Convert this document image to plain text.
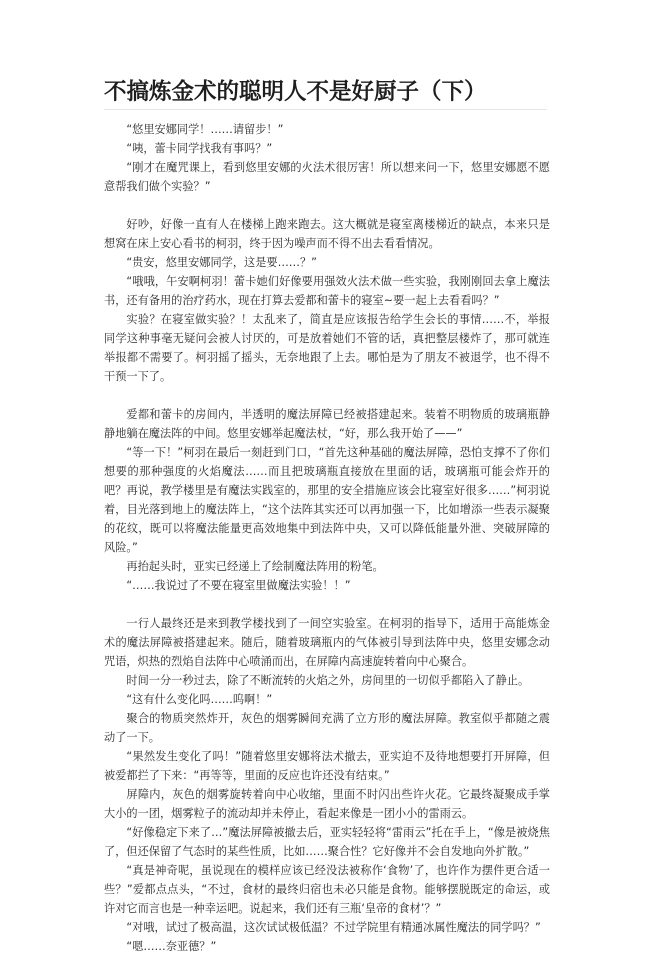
不搞炼金术的聪明人不是好厨子（下）

“悠里安娜同学！……请留步！”

“咦，蕾卡同学找我有事吗？”

“刚才在魔咒课上，看到悠里安娜的火法术很厉害！所以想来问一下，悠里安娜愿不愿意帮我们做个实验？”

好吵，好像一直有人在楼梯上跑来跑去。这大概就是寝室离楼梯近的缺点，本来只是想窝在床上安心看书的柯羽，终于因为噪声而不得不出去看看情况。

“贵安，悠里安娜同学，这是要……？”

“哦哦，午安啊柯羽！蕾卡她们好像要用强效火法术做一些实验，我刚刚回去拿上魔法书，还有备用的治疗药水，现在打算去爱都和蕾卡的寝室~要一起上去看看吗？”

实验？在寝室做实验？！太乱来了，简直是应该报告给学生会长的事情……不，举报同学这种事毫无疑问会被人讨厌的，可是放着她们不管的话，真把整层楼炸了，那可就连举报都不需要了。柯羽摇了摇头，无奈地跟了上去。哪怕是为了朋友不被退学，也不得不干预一下了。

爱都和蕾卡的房间内，半透明的魔法屏障已经被搭建起来。装着不明物质的玻璃瓶静静地躺在魔法阵的中间。悠里安娜举起魔法杖，“好，那么我开始了——”

“等一下！”柯羽在最后一刻赶到门口，“首先这种基础的魔法屏障，恐怕支撑不了你们想要的那种强度的火焰魔法……而且把玻璃瓶直接放在里面的话，玻璃瓶可能会炸开的吧？再说，教学楼里是有魔法实践室的，那里的安全措施应该会比寝室好很多……”柯羽说着，目光落到地上的魔法阵上，“这个法阵其实还可以再加强一下，比如增添一些表示凝聚的花纹，既可以将魔法能量更高效地集中到法阵中央，又可以降低能量外泄、突破屏障的风险。”

再抬起头时，亚实已经递上了绘制魔法阵用的粉笔。

“……我说过了不要在寝室里做魔法实验！！”

一行人最终还是来到教学楼找到了一间空实验室。在柯羽的指导下，适用于高能炼金术的魔法屏障被搭建起来。随后，随着玻璃瓶内的气体被引导到法阵中央，悠里安娜念动咒语，炽热的烈焰自法阵中心喷涌而出，在屏障内高速旋转着向中心聚合。

时间一分一秒过去，除了不断流转的火焰之外，房间里的一切似乎都陷入了静止。

“这有什么变化吗……呜啊！”

聚合的物质突然炸开，灰色的烟雾瞬间充满了立方形的魔法屏障。教室似乎都随之震动了一下。

“果然发生变化了吗！”随着悠里安娜将法术撤去，亚实迫不及待地想要打开屏障，但被爱都拦了下来：“再等等，里面的反应也许还没有结束。”

屏障内，灰色的烟雾旋转着向中心收缩，里面不时闪出些许火花。它最终凝聚成手掌大小的一团，烟雾粒子的流动却并未停止，看起来像是一团小小的雷雨云。

“好像稳定下来了…”魔法屏障被撤去后，亚实轻轻将“雷雨云”托在手上，“像是被烧焦了，但还保留了气态时的某些性质，比如……聚合性？它好像并不会自发地向外扩散。”

“真是神奇呢，虽说现在的模样应该已经没法被称作‘食物’了，也许作为摆件更合适一些？”爱都点点头，“不过，食材的最终归宿也未必只能是食物。能够摆脱既定的命运，或许对它而言也是一种幸运吧。说起来，我们还有三瓶‘皇帝的食材’？”

“对哦，试过了极高温，这次试试极低温？不过学院里有精通冰属性魔法的同学吗？”

“嗯……奈亚德？”
